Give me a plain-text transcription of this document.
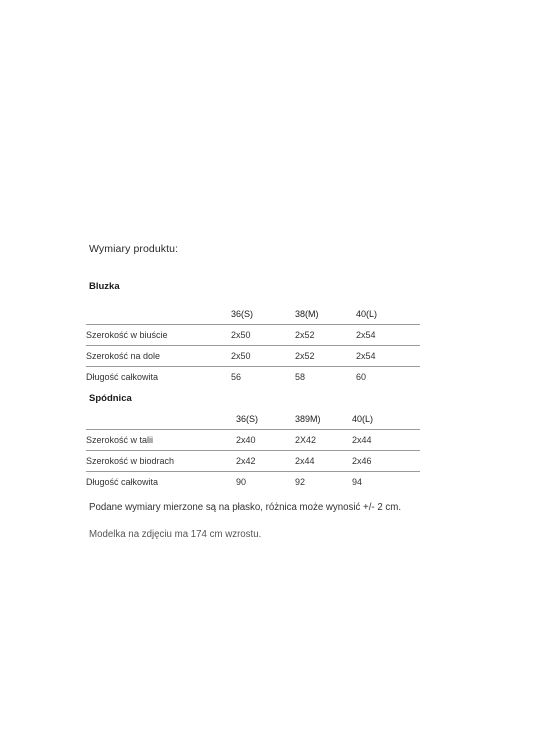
Wymiary produktu:
Bluzka
	36(S)	38(M)	40(L)
Szerokość w biuście	2x50	2x52	2x54
Szerokość na dole	2x50	2x52	2x54
Długość całkowita	56	58	60
Spódnica
	36(S)	389M)	40(L)
Szerokość w talii	2x40	2X42	2x44
Szerokość w biodrach	2x42	2x44	2x46
Długość całkowita	90	92	94
Podane wymiary mierzone są na płasko, różnica może wynosić +/- 2 cm.
Modelka na zdjęciu ma 174 cm wzrostu.
